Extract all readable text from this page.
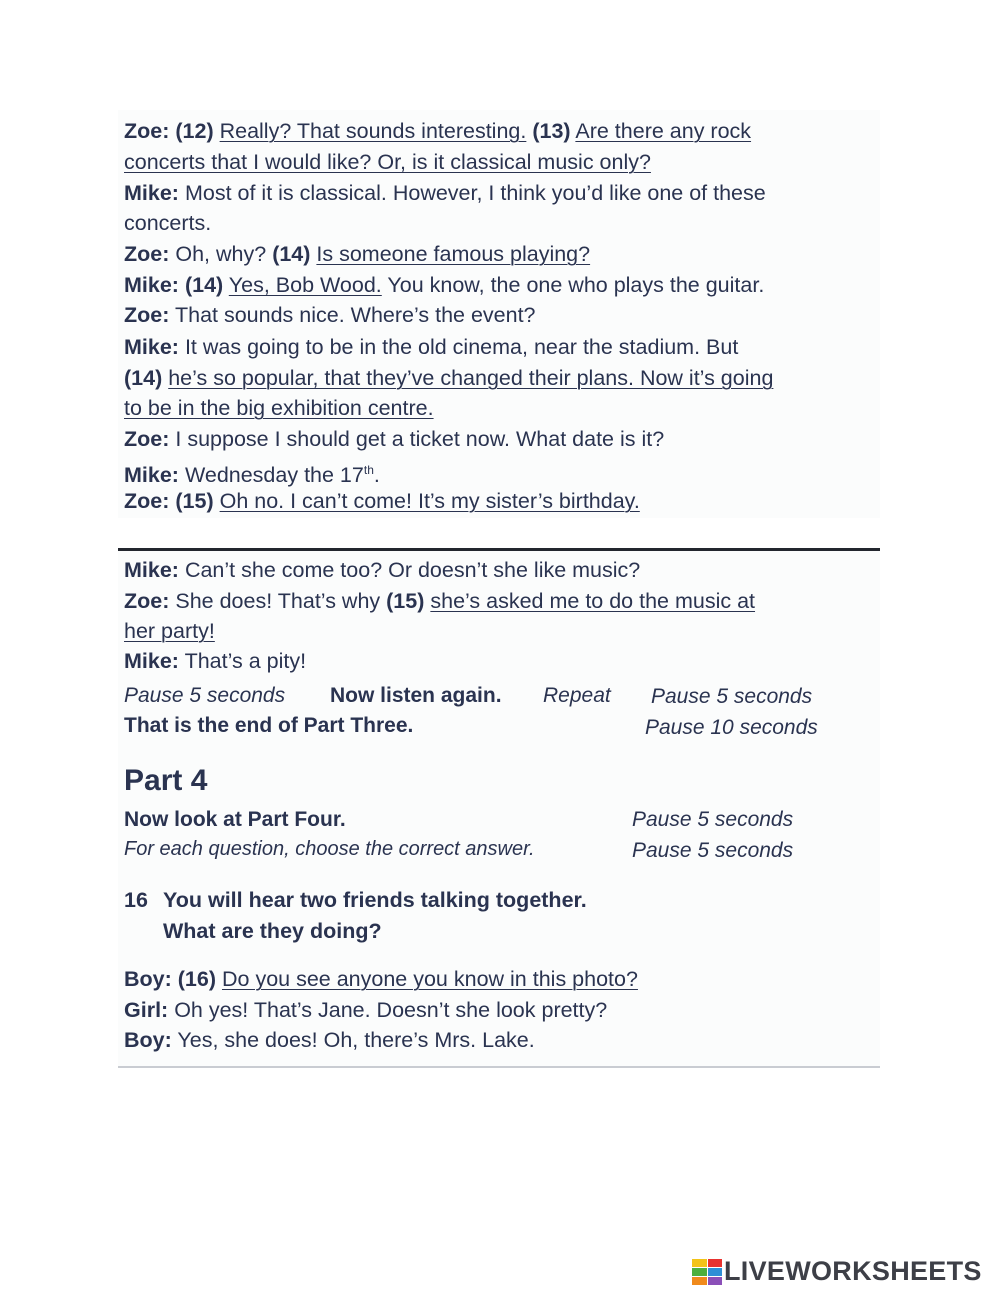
Zoe: (12) Really? That sounds interesting. (13) Are there any rock
concerts that I would like? Or, is it classical music only?
Mike: Most of it is classical. However, I think you’d like one of these
concerts.
Zoe: Oh, why? (14) Is someone famous playing?
Mike: (14) Yes, Bob Wood. You know, the one who plays the guitar.
Zoe: That sounds nice. Where’s the event?
Mike: It was going to be in the old cinema, near the stadium. But
(14) he’s so popular, that they’ve changed their plans. Now it’s going
to be in the big exhibition centre.
Zoe: I suppose I should get a ticket now. What date is it?
Mike: Wednesday the 17th.
Zoe: (15) Oh no. I can’t come! It’s my sister’s birthday.
Mike: Can’t she come too? Or doesn’t she like music?
Zoe: She does! That’s why (15) she’s asked me to do the music at
her party!
Mike: That’s a pity!
Pause 5 seconds Now listen again. Repeat Pause 5 seconds
That is the end of Part Three.	Pause 10 seconds
Part 4
Now look at Part Four.	Pause 5 seconds
For each question, choose the correct answer.	Pause 5 seconds
16 You will hear two friends talking together.
What are they doing?
Boy: (16) Do you see anyone you know in this photo?
Girl: Oh yes! That’s Jane. Doesn’t she look pretty?
Boy: Yes, she does! Oh, there’s Mrs. Lake.
LIVEWORKSHEETS
